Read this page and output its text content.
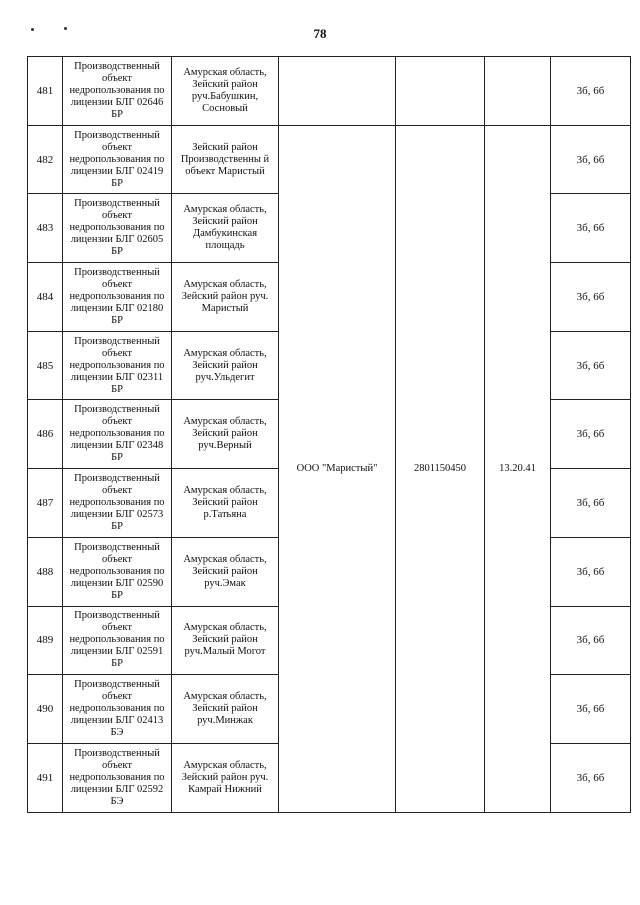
78
481	Производственный объект недропользования по лицензии БЛГ 02646 БР	Амурская область, Зейский район руч.Бабушкин, Сосновый				3б, 6б
482	Производственный объект недропользования по лицензии БЛГ 02419 БР	Зейский район Производственны й объект Маристый	ООО "Маристый"	2801150450	13.20.41	3б, 6б
483	Производственный объект недропользования по лицензии БЛГ 02605 БР	Амурская область, Зейский район Дамбукинская площадь				3б, 6б
484	Производственный объект недропользования по лицензии БЛГ 02180 БР	Амурская область, Зейский район руч. Маристый				3б, 6б
485	Производственный объект недропользования по лицензии БЛГ 02311 БР	Амурская область, Зейский район руч.Ульдегит				3б, 6б
486	Производственный объект недропользования по лицензии БЛГ 02348 БР	Амурская область, Зейский район руч.Верный				3б, 6б
487	Производственный объект недропользования по лицензии БЛГ 02573 БР	Амурская область, Зейский район р.Татьяна				3б, 6б
488	Производственный объект недропользования по лицензии БЛГ 02590 БР	Амурская область, Зейский район руч.Эмак				3б, 6б
489	Производственный объект недропользования по лицензии БЛГ 02591 БР	Амурская область, Зейский район руч.Малый Могот				3б, 6б
490	Производственный объект недропользования по лицензии БЛГ 02413 БЭ	Амурская область, Зейский район руч.Минжак				3б, 6б
491	Производственный объект недропользования по лицензии БЛГ 02592 БЭ	Амурская область, Зейский район руч. Камрай Нижний				3б, 6б
